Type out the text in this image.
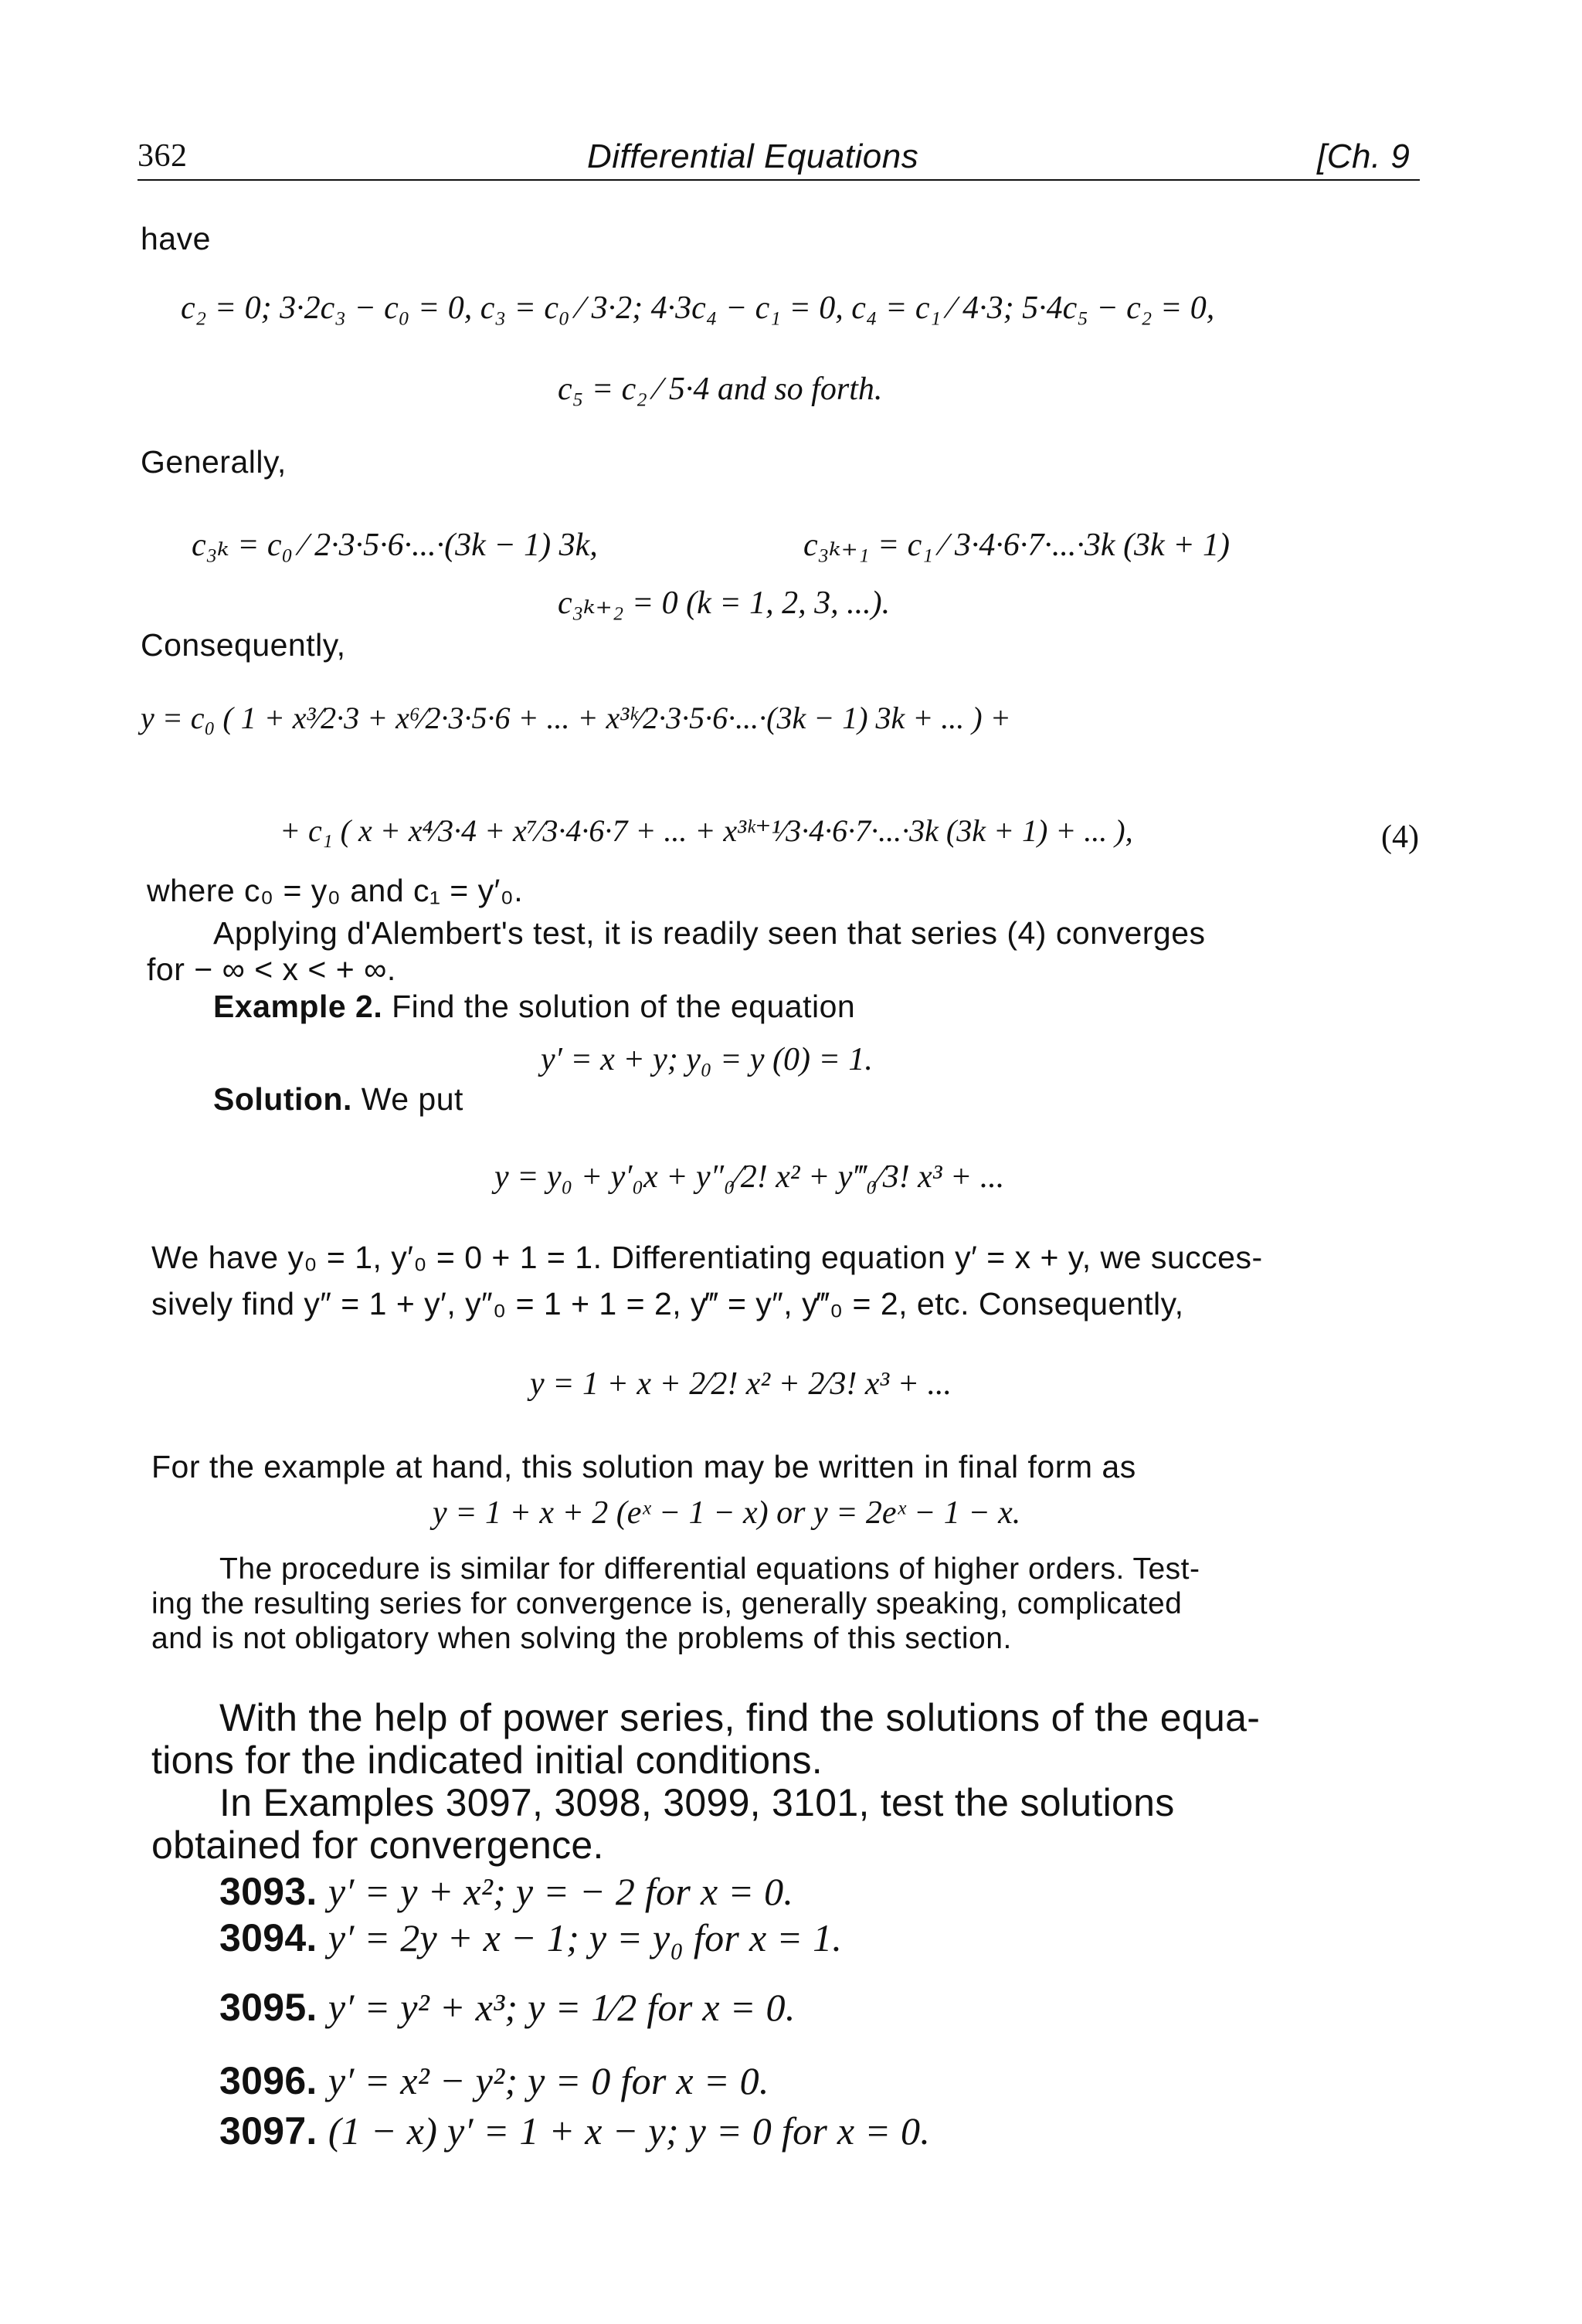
362	Differential Equations	[Ch. 9
have
c₂ = 0; 3·2c₃ − c₀ = 0, c₃ = c₀ ⁄ 3·2; 4·3c₄ − c₁ = 0, c₄ = c₁ ⁄ 4·3; 5·4c₅ − c₂ = 0,
c₅ = c₂ ⁄ 5·4 and so forth.
Generally,
c₃ₖ = c₀ ⁄ 2·3·5·6·...·(3k − 1) 3k,	c₃ₖ₊₁ = c₁ ⁄ 3·4·6·7·...·3k (3k + 1)
c₃ₖ₊₂ = 0 (k = 1, 2, 3, ...).
Consequently,
y = c₀ ( 1 + x³⁄2·3 + x⁶⁄2·3·5·6 + ... + x³ᵏ⁄2·3·5·6·...·(3k − 1) 3k + ... ) +
+ c₁ ( x + x⁴⁄3·4 + x⁷⁄3·4·6·7 + ... + x³ᵏ⁺¹⁄3·4·6·7·...·3k (3k + 1) + ... ),	(4)
where c₀ = y₀ and c₁ = y′₀.
Applying d'Alembert's test, it is readily seen that series (4) converges
for − ∞ < x < + ∞.
Example 2. Find the solution of the equation
y′ = x + y; y₀ = y (0) = 1.
Solution. We put
y = y₀ + y′₀x + y″₀⁄2! x² + y‴₀⁄3! x³ + ...
We have y₀ = 1, y′₀ = 0 + 1 = 1. Differentiating equation y′ = x + y, we succes-
sively find y″ = 1 + y′, y″₀ = 1 + 1 = 2, y‴ = y″, y‴₀ = 2, etc. Consequently,
y = 1 + x + 2⁄2! x² + 2⁄3! x³ + ...
For the example at hand, this solution may be written in final form as
y = 1 + x + 2 (eˣ − 1 − x) or y = 2eˣ − 1 − x.
The procedure is similar for differential equations of higher orders. Test-
ing the resulting series for convergence is, generally speaking, complicated
and is not obligatory when solving the problems of this section.
With the help of power series, find the solutions of the equa-
tions for the indicated initial conditions.
In Examples 3097, 3098, 3099, 3101, test the solutions
obtained for convergence.
3093. y′ = y + x²; y = − 2 for x = 0.
3094. y′ = 2y + x − 1; y = y₀ for x = 1.
3095. y′ = y² + x³; y = 1⁄2 for x = 0.
3096. y′ = x² − y²; y = 0 for x = 0.
3097. (1 − x) y′ = 1 + x − y; y = 0 for x = 0.
